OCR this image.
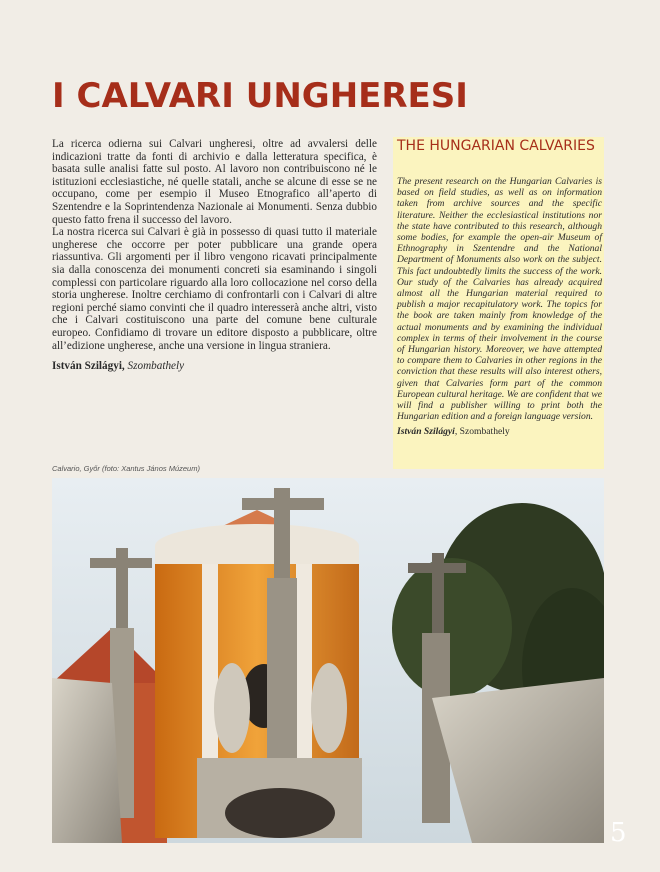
I CALVARI UNGHERESI

La ricerca odierna sui Calvari ungheresi, oltre ad avvalersi delle indicazioni tratte da fonti di archivio e dalla letteratura specifica, è basata sulle analisi fatte sul posto. Al lavoro non contribuiscono né le istituzioni ecclesiastiche, né quelle statali, anche se alcune di esse se ne occupano, come per esempio il Museo Etnografico all’aperto di Szentendre e la Soprintendenza Nazionale ai Monumenti. Senza dubbio questo fatto frena il successo del lavoro.

La nostra ricerca sui Calvari è già in possesso di quasi tutto il materiale ungherese che occorre per poter pubblicare una grande opera riassuntiva. Gli argomenti per il libro vengono ricavati principalmente sia dalla conoscenza dei monumenti concreti sia esaminando i singoli complessi con particolare riguardo alla loro collocazione nel corso della storia ungherese. Inoltre cerchiamo di confrontarli con i Calvari di altre regioni perché siamo convinti che il quadro interesserà anche altri, visto che i Calvari costituiscono una parte del comune bene culturale europeo. Confidiamo di trovare un editore disposto a pubblicare, oltre all’edizione ungherese, anche una versione in lingua straniera.

István Szilágyi, Szombathely

THE HUNGARIAN CALVARIES

The present research on the Hungarian Calvaries is based on field studies, as well as on information taken from archive sources and the specific literature. Neither the ecclesiastical institutions nor the state have contributed to this research, although some bodies, for example the open-air Museum of Ethnography in Szentendre and the National Department of Monuments also work on the subject. This fact undoubtedly limits the success of the work. Our study of the Calvaries has already acquired almost all the Hungarian material required to publish a major recapitulatory work. The topics for the book are taken mainly from knowledge of the actual monuments and by examining the individual complex in terms of their involvement in the course of Hungarian history. Moreover, we have attempted to compare them to Calvaries in other regions in the conviction that these results will also interest others, given that Calvaries form part of the common European cultural heritage. We are confident that we will find a publisher willing to print both the Hungarian edition and a foreign language version.

István Szilágyi, Szombathely
Calvario, Győr (foto: Xantus János Múzeum)
5
